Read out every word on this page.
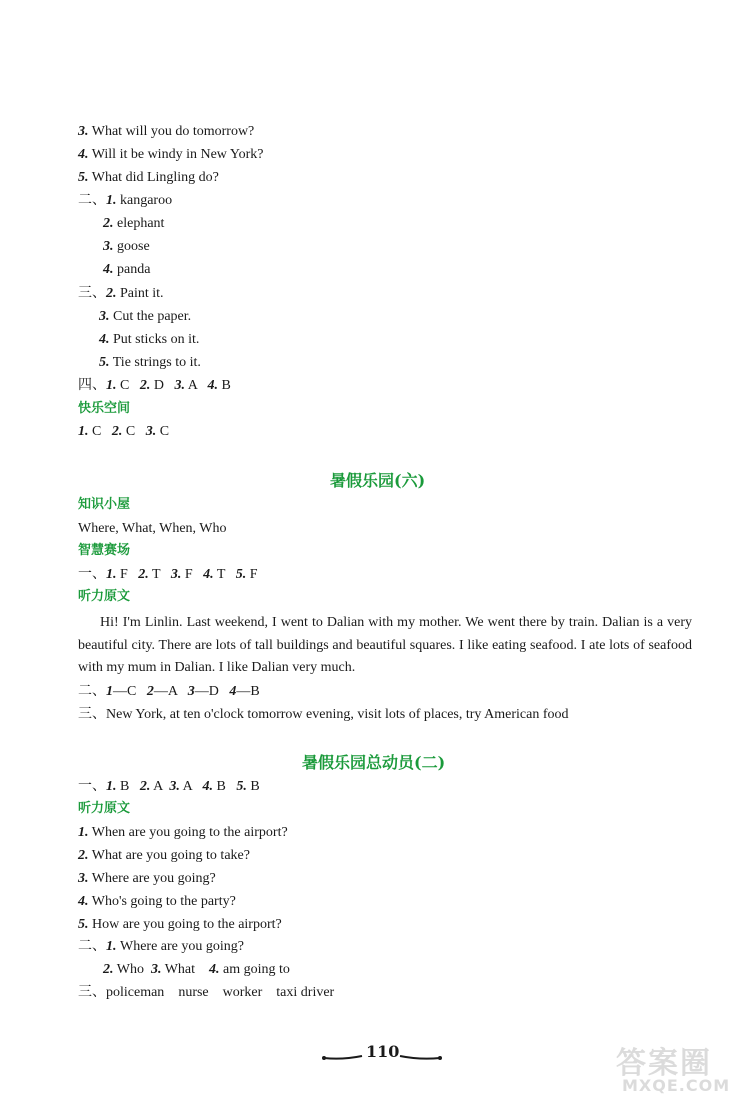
3. What will you do tomorrow?
4. Will it be windy in New York?
5. What did Lingling do?
二、1. kangaroo
2. elephant
3. goose
4. panda
三、2. Paint it.
3. Cut the paper.
4. Put sticks on it.
5. Tie strings to it.
四、1. C 2. D 3. A 4. B
快乐空间
1. C 2. C 3. C
暑假乐园(六)
知识小屋
Where, What, When, Who
智慧赛场
一、1. F 2. T 3. F 4. T 5. F
听力原文
Hi! I'm Linlin. Last weekend, I went to Dalian with my mother. We went there by train. Dalian is a very beautiful city. There are lots of tall buildings and beautiful squares. I like eating seafood. I ate lots of seafood with my mum in Dalian. I like Dalian very much.
二、1—C 2—A 3—D 4—B
三、New York, at ten o'clock tomorrow evening, visit lots of places, try American food
暑假乐园总动员(二)
一、1. B 2. A 3. A 4. B 5. B
听力原文
1. When are you going to the airport?
2. What are you going to take?
3. Where are you going?
4. Who's going to the party?
5. How are you going to the airport?
二、1. Where are you going?
2. Who 3. What 4. am going to
三、policeman nurse worker taxi driver
110	答案圈
MXQE.COM
